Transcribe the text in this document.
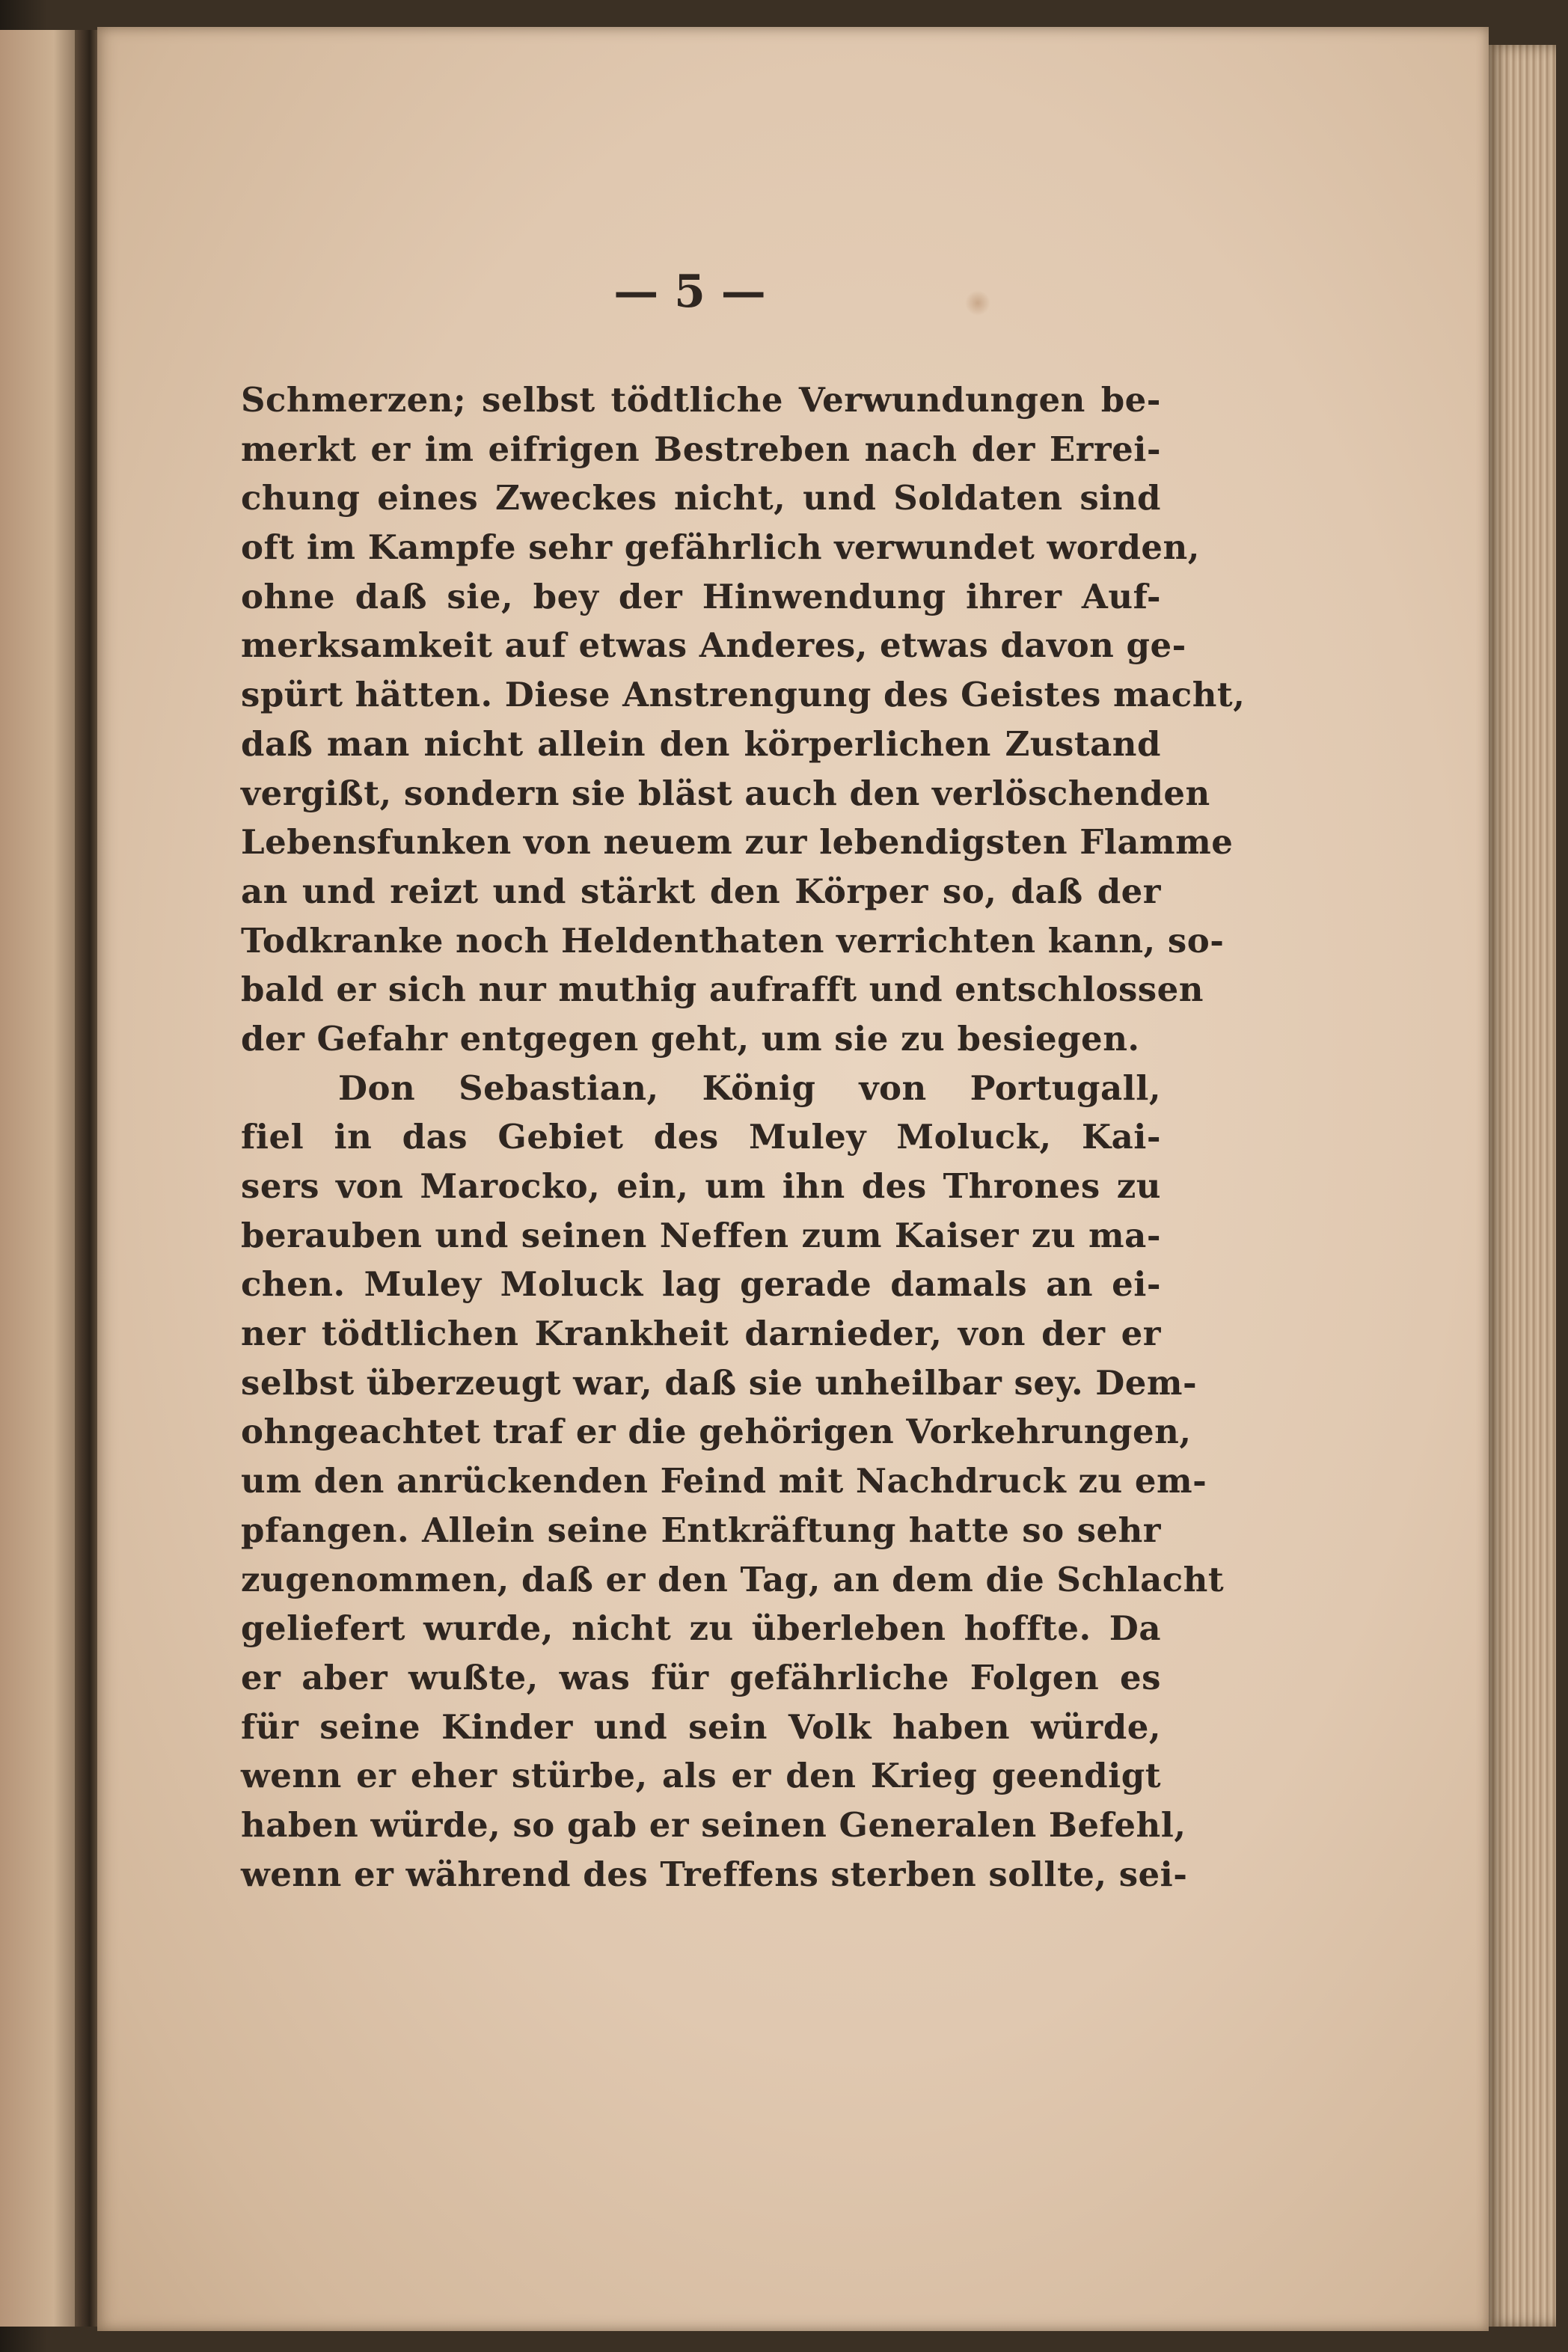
— 5 —
Schmerzen; selbst tödtliche Verwundungen be-
merkt er im eifrigen Bestreben nach der Errei-
chung eines Zweckes nicht, und Soldaten sind
oft im Kampfe sehr gefährlich verwundet worden,
ohne daß sie, bey der Hinwendung ihrer Auf-
merksamkeit auf etwas Anderes, etwas davon ge-
spürt hätten. Diese Anstrengung des Geistes macht,
daß man nicht allein den körperlichen Zustand
vergißt, sondern sie bläst auch den verlöschenden
Lebensfunken von neuem zur lebendigsten Flamme
an und reizt und stärkt den Körper so, daß der
Todkranke noch Heldenthaten verrichten kann, so-
bald er sich nur muthig aufrafft und entschlossen
der Gefahr entgegen geht, um sie zu besiegen.
Don Sebastian, König von Portugall,
fiel in das Gebiet des Muley Moluck, Kai-
sers von Marocko, ein, um ihn des Thrones zu
berauben und seinen Neffen zum Kaiser zu ma-
chen. Muley Moluck lag gerade damals an ei-
ner tödtlichen Krankheit darnieder, von der er
selbst überzeugt war, daß sie unheilbar sey. Dem-
ohngeachtet traf er die gehörigen Vorkehrungen,
um den anrückenden Feind mit Nachdruck zu em-
pfangen. Allein seine Entkräftung hatte so sehr
zugenommen, daß er den Tag, an dem die Schlacht
geliefert wurde, nicht zu überleben hoffte. Da
er aber wußte, was für gefährliche Folgen es
für seine Kinder und sein Volk haben würde,
wenn er eher stürbe, als er den Krieg geendigt
haben würde, so gab er seinen Generalen Befehl,
wenn er während des Treffens sterben sollte, sei-
